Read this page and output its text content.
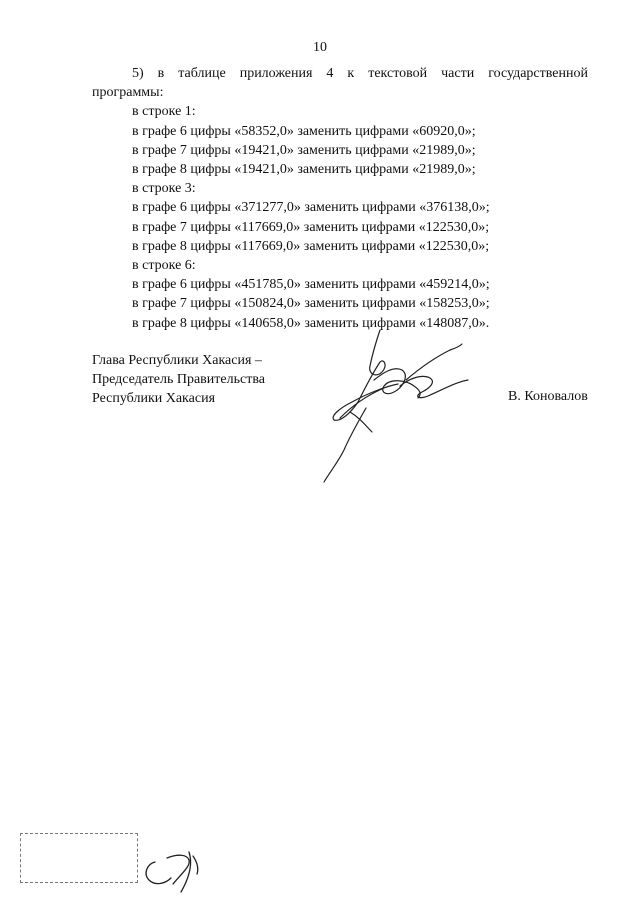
10

5) в таблице приложения 4 к текстовой части государственной

программы:

в строке 1:

в графе 6 цифры «58352,0» заменить цифрами «60920,0»;

в графе 7 цифры «19421,0» заменить цифрами «21989,0»;

в графе 8 цифры «19421,0» заменить цифрами «21989,0»;

в строке 3:

в графе 6 цифры «371277,0» заменить цифрами «376138,0»;

в графе 7 цифры «117669,0» заменить цифрами «122530,0»;

в графе 8 цифры «117669,0» заменить цифрами «122530,0»;

в строке 6:

в графе 6 цифры «451785,0» заменить цифрами «459214,0»;

в графе 7 цифры «150824,0» заменить цифрами «158253,0»;

в графе 8 цифры «140658,0» заменить цифрами «148087,0».

Глава Республики Хакасия –
Председатель Правительства
Республики Хакасия	В. Коновалов
